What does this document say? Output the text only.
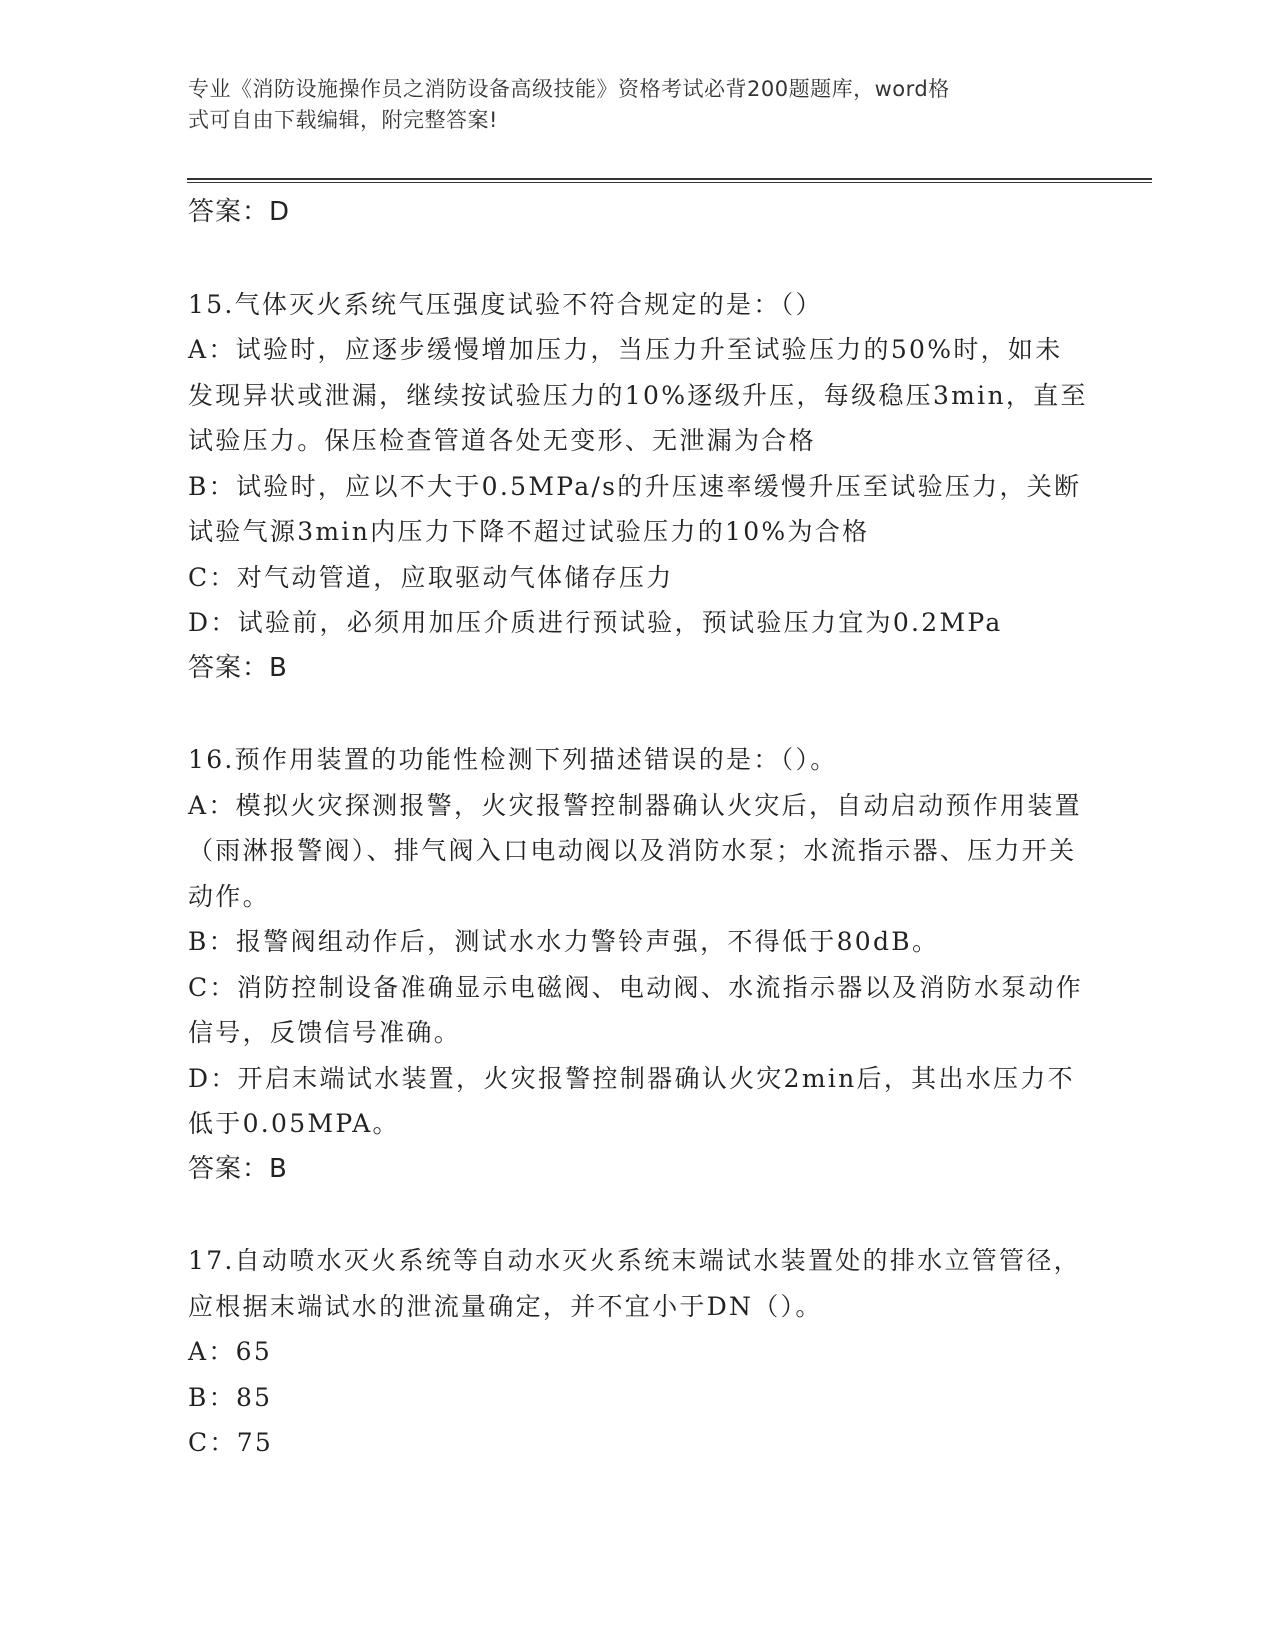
专业《消防设施操作员之消防设备高级技能》资格考试必背200题题库，word格
式可自由下载编辑，附完整答案!

答案：D

15.气体灭火系统气压强度试验不符合规定的是：（）

A：试验时，应逐步缓慢增加压力，当压力升至试验压力的50%时，如未发现异状或泄漏，继续按试验压力的10%逐级升压，每级稳压3min，直至试验压力。保压检查管道各处无变形、无泄漏为合格

B：试验时，应以不大于0.5MPa/s的升压速率缓慢升压至试验压力，关断试验气源3min内压力下降不超过试验压力的10%为合格

C：对气动管道，应取驱动气体储存压力

D：试验前，必须用加压介质进行预试验，预试验压力宜为0.2MPa

答案：B

16.预作用装置的功能性检测下列描述错误的是：（）。

A：模拟火灾探测报警，火灾报警控制器确认火灾后，自动启动预作用装置（雨淋报警阀）、排气阀入口电动阀以及消防水泵；水流指示器、压力开关动作。

B：报警阀组动作后，测试水水力警铃声强，不得低于80dB。

C：消防控制设备准确显示电磁阀、电动阀、水流指示器以及消防水泵动作信号，反馈信号准确。

D：开启末端试水装置，火灾报警控制器确认火灾2min后，其出水压力不低于0.05MPA。

答案：B

17.自动喷水灭火系统等自动水灭火系统末端试水装置处的排水立管管径，应根据末端试水的泄流量确定，并不宜小于DN（）。

A：65

B：85

C：75
